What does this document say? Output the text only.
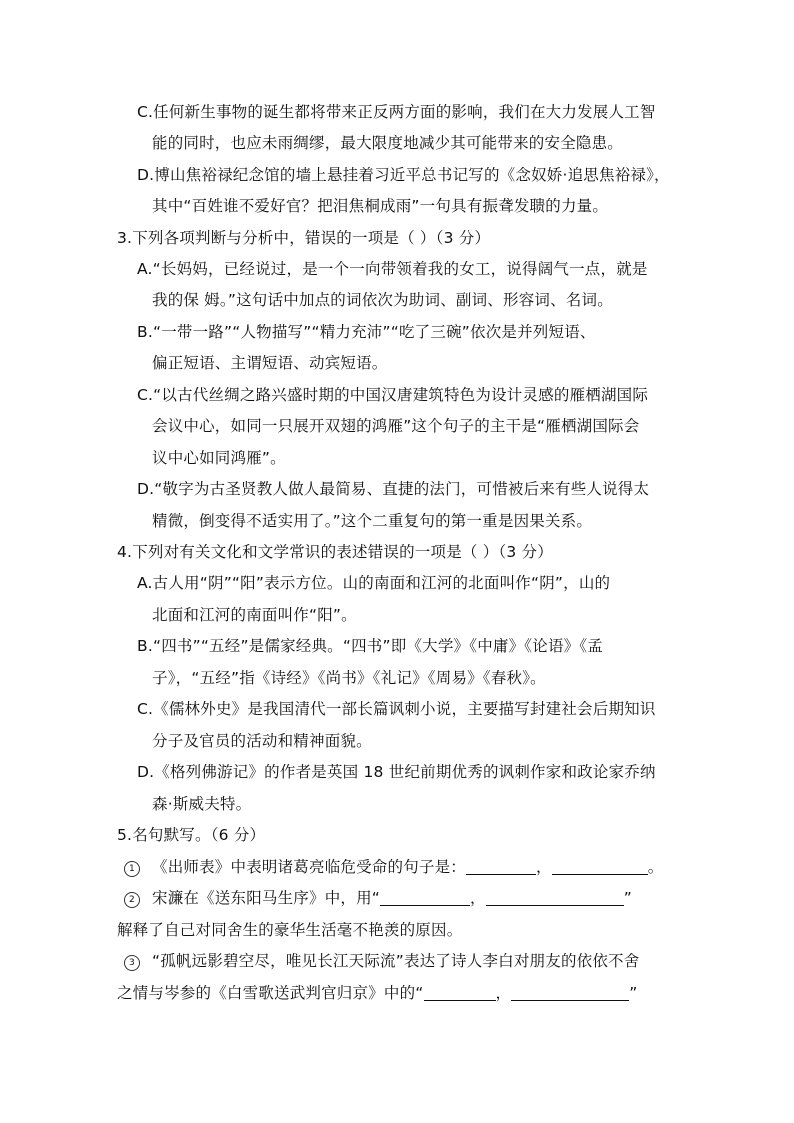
C.任何新生事物的诞生都将带来正反两方面的影响，我们在大力发展人工智
能的同时，也应未雨绸缪，最大限度地减少其可能带来的安全隐患。
D.博山焦裕禄纪念馆的墙上悬挂着习近平总书记写的《念奴娇·追思焦裕禄》，
其中“百姓谁不爱好官？把泪焦桐成雨”一句具有振聋发聩的力量。
3.下列各项判断与分析中，错误的一项是（ ）（3 分）
A.“长妈妈，已经说过，是一个一向带领着我的女工，说得阔气一点，就是
我的保 姆。”这句话中加点的词依次为助词、副词、形容词、名词。
B.“一带一路”“人物描写”“精力充沛”“吃了三碗”依次是并列短语、
偏正短语、主谓短语、动宾短语。
C.“以古代丝绸之路兴盛时期的中国汉唐建筑特色为设计灵感的雁栖湖国际
会议中心，如同一只展开双翅的鸿雁”这个句子的主干是“雁栖湖国际会
议中心如同鸿雁”。
D.“敬字为古圣贤教人做人最简易、直捷的法门，可惜被后来有些人说得太
精微，倒变得不适实用了。”这个二重复句的第一重是因果关系。
4.下列对有关文化和文学常识的表述错误的一项是（ ）（3 分）
A.古人用“阴”“阳”表示方位。山的南面和江河的北面叫作“阴”，山的
北面和江河的南面叫作“阳”。
B.“四书”“五经”是儒家经典。“四书”即《大学》《中庸》《论语》《孟
子》，“五经”指《诗经》《尚书》《礼记》《周易》《春秋》。
C.《儒林外史》是我国清代一部长篇讽刺小说，主要描写封建社会后期知识
分子及官员的活动和精神面貌。
D.《格列佛游记》的作者是英国 18 世纪前期优秀的讽刺作家和政论家乔纳
森·斯威夫特。
5.名句默写。（6 分）
1 《出师表》中表明诸葛亮临危受命的句子是：	，	。
2 宋濂在《送东阳马生序》中，用“	，	”
解释了自己对同舍生的豪华生活毫不艳羡的原因。
3 “孤帆远影碧空尽，唯见长江天际流”表达了诗人李白对朋友的依依不舍
之情与岑参的《白雪歌送武判官归京》中的“	，	”
